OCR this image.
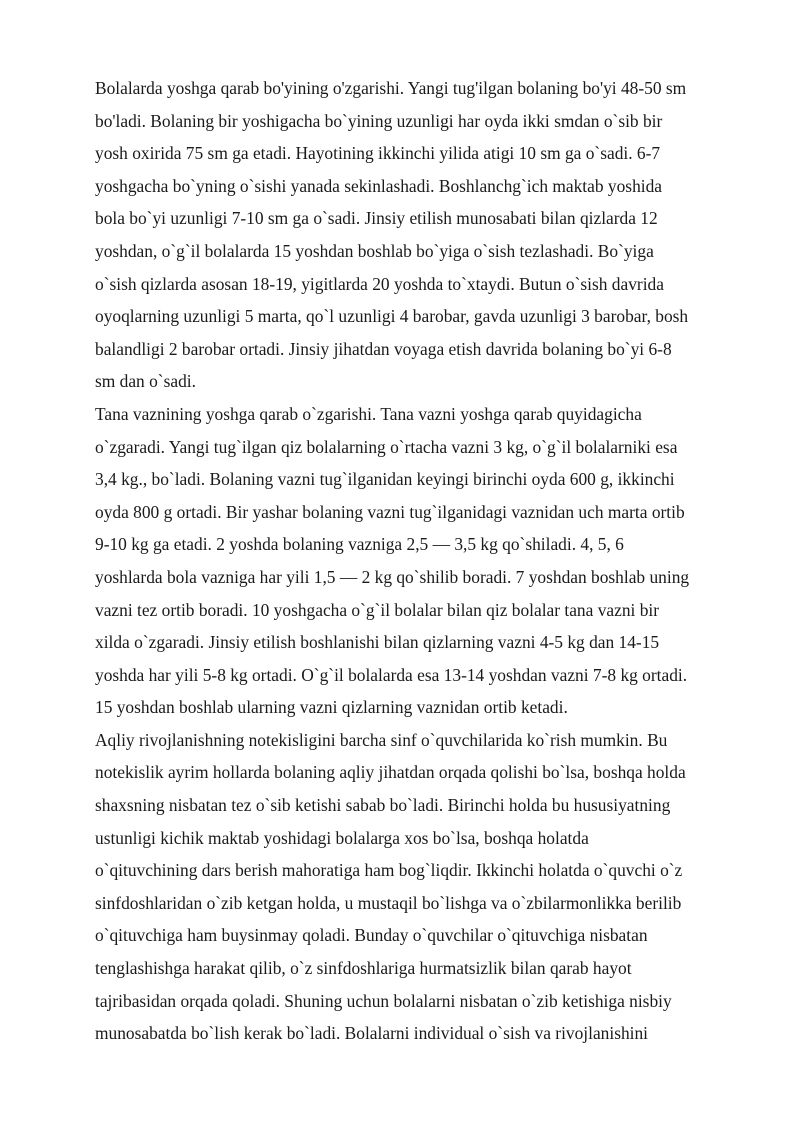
Bolalarda yoshga qarab bo'yining o'zgarishi. Yangi tug'ilgan bolaning bo'yi 48-50 sm
bo'ladi. Bolaning bir yoshigacha bo`yining uzunligi har oyda ikki smdan o`sib bir
yosh oxirida 75 sm ga etadi. Hayotining ikkinchi yilida atigi 10 sm ga o`sadi. 6-7
yoshgacha bo`yning o`sishi yanada sekinlashadi. Boshlanchg`ich maktab yoshida
bola bo`yi uzunligi 7-10 sm ga o`sadi. Jinsiy etilish munosabati bilan qizlarda 12
yoshdan, o`g`il bolalarda 15 yoshdan boshlab bo`yiga o`sish tezlashadi. Bo`yiga
o`sish qizlarda asosan 18-19, yigitlarda 20 yoshda to`xtaydi. Butun o`sish davrida
oyoqlarning uzunligi 5 marta, qo`l uzunligi 4 barobar, gavda uzunligi 3 barobar, bosh
balandligi 2 barobar ortadi. Jinsiy jihatdan voyaga etish davrida bolaning bo`yi 6-8
sm dan o`sadi.
Tana vaznining yoshga qarab o`zgarishi. Tana vazni yoshga qarab quyidagicha
o`zgaradi. Yangi tug`ilgan qiz bolalarning o`rtacha vazni 3 kg, o`g`il bolalarniki esa
3,4 kg., bo`ladi. Bolaning vazni tug`ilganidan keyingi birinchi oyda 600 g, ikkinchi
oyda 800 g ortadi. Bir yashar bolaning vazni tug`ilganidagi vaznidan uch marta ortib
9-10 kg ga etadi. 2 yoshda bolaning vazniga 2,5 — 3,5 kg qo`shiladi. 4, 5, 6
yoshlarda bola vazniga har yili 1,5 — 2 kg qo`shilib boradi. 7 yoshdan boshlab uning
vazni tez ortib boradi. 10 yoshgacha o`g`il bolalar bilan qiz bolalar tana vazni bir
xilda o`zgaradi. Jinsiy etilish boshlanishi bilan qizlarning vazni 4-5 kg dan 14-15
yoshda har yili 5-8 kg ortadi. O`g`il bolalarda esa 13-14 yoshdan vazni 7-8 kg ortadi.
15 yoshdan boshlab ularning vazni qizlarning vaznidan ortib ketadi.
Aqliy rivojlanishning notekisligini barcha sinf o`quvchilarida ko`rish mumkin. Bu
notekislik ayrim hollarda bolaning aqliy jihatdan orqada qolishi bo`lsa, boshqa holda
shaxsning nisbatan tez o`sib ketishi sabab bo`ladi. Birinchi holda bu hususiyatning
ustunligi kichik maktab yoshidagi bolalarga xos bo`lsa, boshqa holatda
o`qituvchining dars berish mahoratiga ham bog`liqdir. Ikkinchi holatda o`quvchi o`z
sinfdoshlaridan o`zib ketgan holda, u mustaqil bo`lishga va o`zbilarmonlikka berilib
o`qituvchiga ham buysinmay qoladi. Bunday o`quvchilar o`qituvchiga nisbatan
tenglashishga harakat qilib, o`z sinfdoshlariga hurmatsizlik bilan qarab hayot
tajribasidan orqada qoladi. Shuning uchun bolalarni nisbatan o`zib ketishiga nisbiy
munosabatda bo`lish kerak bo`ladi. Bolalarni individual o`sish va rivojlanishini
